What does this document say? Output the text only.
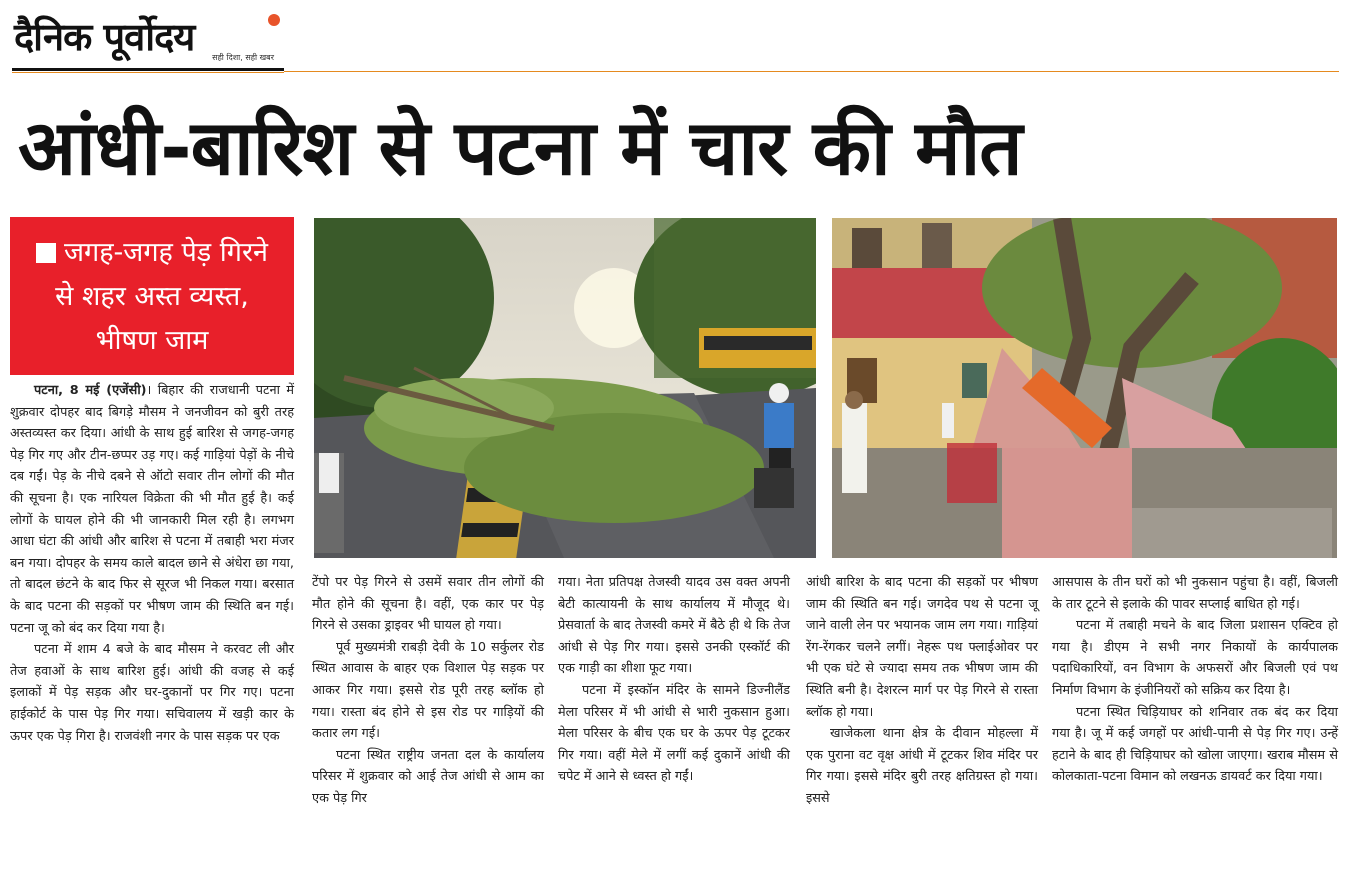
दैनिक पूर्वोदय सही दिशा, सही खबर
आंधी-बारिश से पटना में चार की मौत
जगह-जगह पेड़ गिरने से शहर अस्त व्यस्त, भीषण जाम

पटना, 8 मई (एजेंसी)। बिहार की राजधानी पटना में शुक्रवार दोपहर बाद बिगड़े मौसम ने जनजीवन को बुरी तरह अस्तव्यस्त कर दिया। आंधी के साथ हुई बारिश से जगह-जगह पेड़ गिर गए और टीन-छप्पर उड़ गए। कई गाड़ियां पेड़ों के नीचे दब गईं। पेड़ के नीचे दबने से ऑटो सवार तीन लोगों की मौत की सूचना है। एक नारियल विक्रेता की भी मौत हुई है। कई लोगों के घायल होने की भी जानकारी मिल रही है। लगभग आधा घंटा की आंधी और बारिश से पटना में तबाही भरा मंजर बन गया। दोपहर के समय काले बादल छाने से अंधेरा छा गया, तो बादल छंटने के बाद फिर से सूरज भी निकल गया। बरसात के बाद पटना की सड़कों पर भीषण जाम की स्थिति बन गई। पटना जू को बंद कर दिया गया है।

पटना में शाम 4 बजे के बाद मौसम ने करवट ली और तेज हवाओं के साथ बारिश हुई। आंधी की वजह से कई इलाकों में पेड़ सड़क और घर-दुकानों पर गिर गए। पटना हाईकोर्ट के पास पेड़ गिर गया। सचिवालय में खड़ी कार के ऊपर एक पेड़ गिरा है। राजवंशी नगर के पास सड़क पर एक

टेंपो पर पेड़ गिरने से उसमें सवार तीन लोगों की मौत होने की सूचना है। वहीं, एक कार पर पेड़ गिरने से उसका ड्राइवर भी घायल हो गया।

पूर्व मुख्यमंत्री राबड़ी देवी के 10 सर्कुलर रोड स्थित आवास के बाहर एक विशाल पेड़ सड़क पर आकर गिर गया। इससे रोड पूरी तरह ब्लॉक हो गया। रास्ता बंद होने से इस रोड पर गाड़ियों की कतार लग गई।

पटना स्थित राष्ट्रीय जनता दल के कार्यालय परिसर में शुक्रवार को आई तेज आंधी से आम का एक पेड़ गिर

गया। नेता प्रतिपक्ष तेजस्वी यादव उस वक्त अपनी बेटी कात्यायनी के साथ कार्यालय में मौजूद थे। प्रेसवार्ता के बाद तेजस्वी कमरे में बैठे ही थे कि तेज आंधी से पेड़ गिर गया। इससे उनकी एस्कॉर्ट की एक गाड़ी का शीशा फूट गया।

पटना में इस्कॉन मंदिर के सामने डिज्नीलैंड मेला परिसर में भी आंधी से भारी नुकसान हुआ। मेला परिसर के बीच एक घर के ऊपर पेड़ टूटकर गिर गया। वहीं मेले में लगीं कई दुकानें आंधी की चपेट में आने से ध्वस्त हो गईं।

आंधी बारिश के बाद पटना की सड़कों पर भीषण जाम की स्थिति बन गई। जगदेव पथ से पटना जू जाने वाली लेन पर भयानक जाम लग गया। गाड़ियां रेंग-रेंगकर चलने लगीं। नेहरू पथ फ्लाईओवर पर भी एक घंटे से ज्यादा समय तक भीषण जाम की स्थिति बनी है। देशरत्न मार्ग पर पेड़ गिरने से रास्ता ब्लॉक हो गया।

खाजेकला थाना क्षेत्र के दीवान मोहल्ला में एक पुराना वट वृक्ष आंधी में टूटकर शिव मंदिर पर गिर गया। इससे मंदिर बुरी तरह क्षतिग्रस्त हो गया। इससे

आसपास के तीन घरों को भी नुकसान पहुंचा है। वहीं, बिजली के तार टूटने से इलाके की पावर सप्लाई बाधित हो गई।

पटना में तबाही मचने के बाद जिला प्रशासन एक्टिव हो गया है। डीएम ने सभी नगर निकायों के कार्यपालक पदाधिकारियों, वन विभाग के अफसरों और बिजली एवं पथ निर्माण विभाग के इंजीनियरों को सक्रिय कर दिया है।

पटना स्थित चिड़ियाघर को शनिवार तक बंद कर दिया गया है। जू में कई जगहों पर आंधी-पानी से पेड़ गिर गए। उन्हें हटाने के बाद ही चिड़ियाघर को खोला जाएगा। खराब मौसम से कोलकाता-पटना विमान को लखनऊ डायवर्ट कर दिया गया।
